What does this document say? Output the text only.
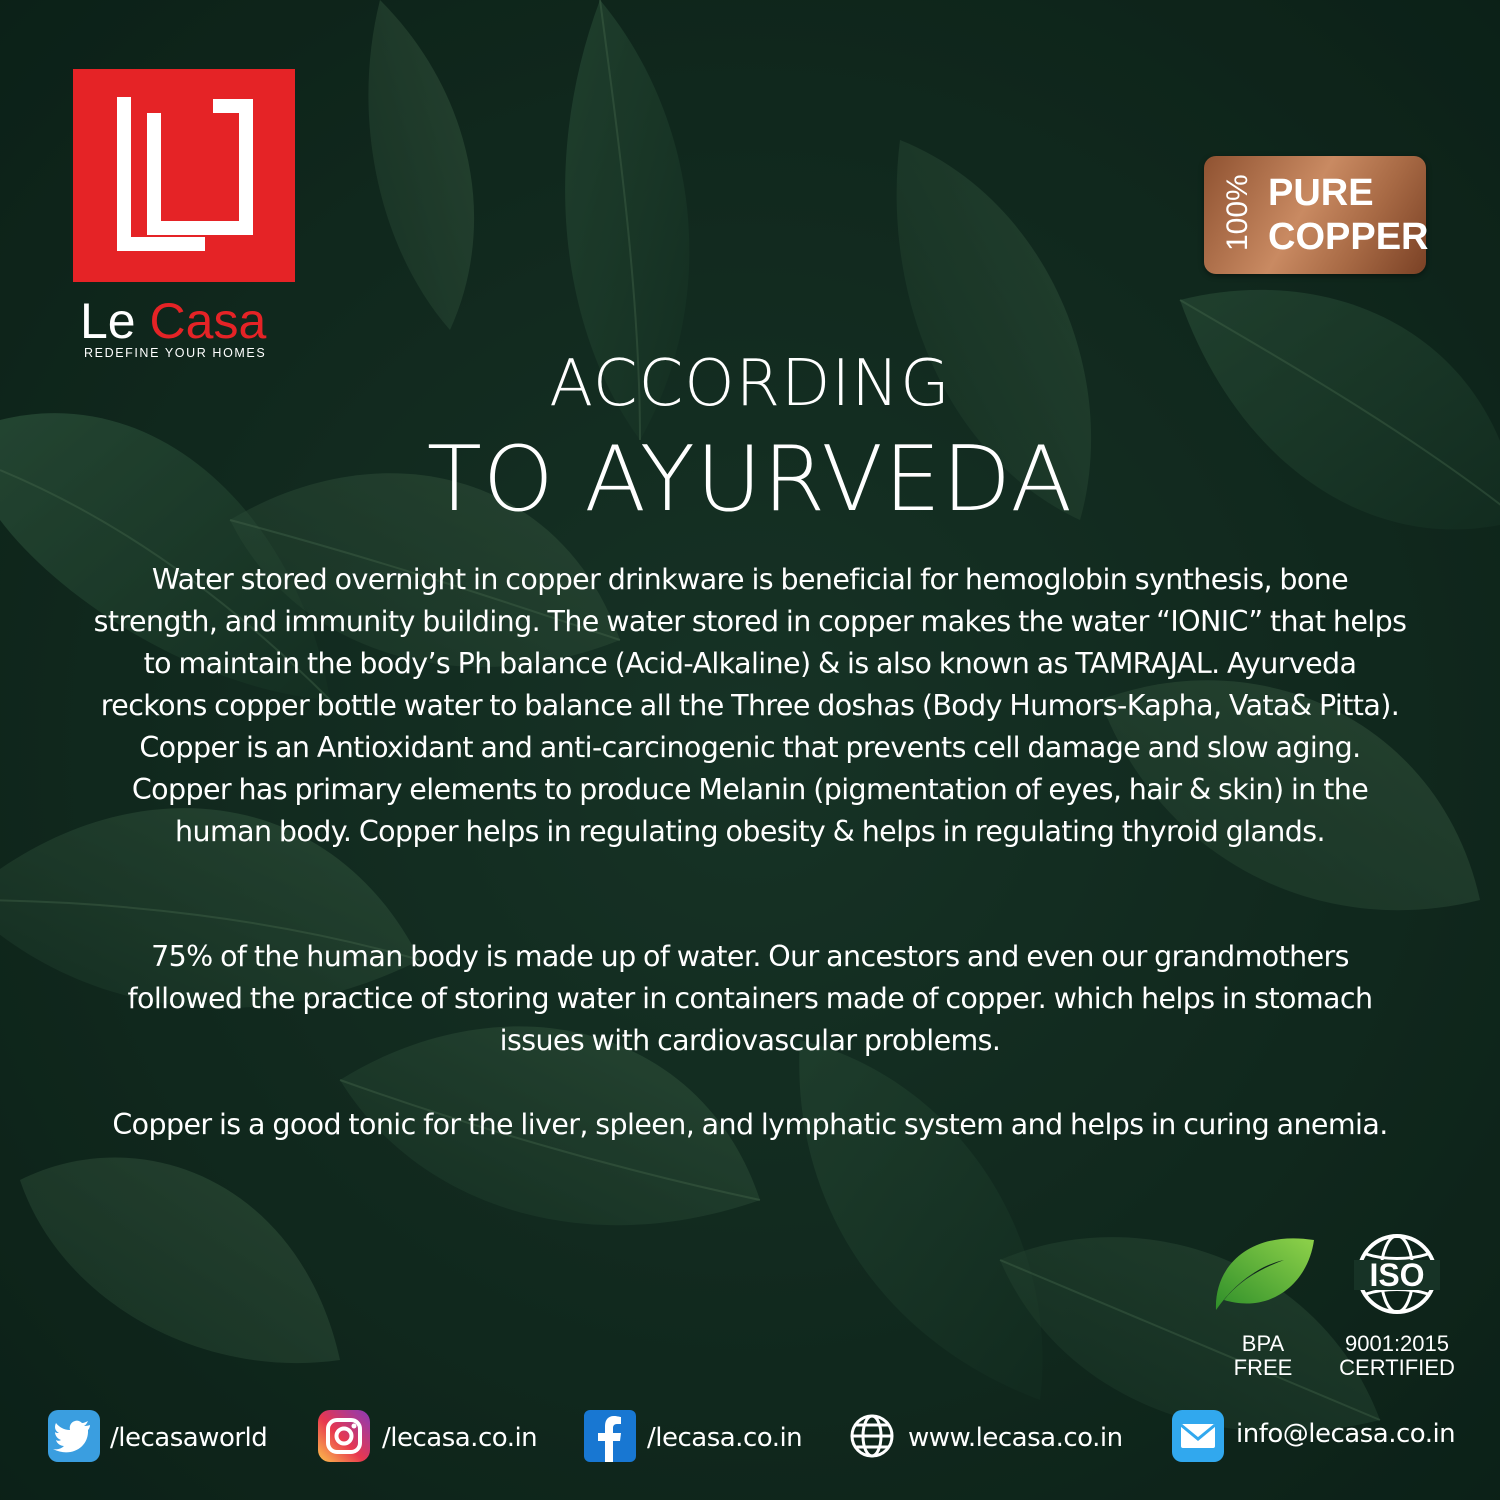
Le Casa
REDEFINE YOUR HOMES
100% PURE
COPPER
ACCORDING
TO AYURVEDA
Water stored overnight in copper drinkware is beneficial for hemoglobin synthesis, bone strength, and immunity building. The water stored in copper makes the water “IONIC” that helps to maintain the body’s Ph balance (Acid-Alkaline) & is also known as TAMRAJAL. Ayurveda reckons copper bottle water to balance all the Three doshas (Body Humors-Kapha, Vata& Pitta). Copper is an Antioxidant and anti-carcinogenic that prevents cell damage and slow aging. Copper has primary elements to produce Melanin (pigmentation of eyes, hair & skin) in the human body. Copper helps in regulating obesity & helps in regulating thyroid glands.
75% of the human body is made up of water. Our ancestors and even our grandmothers followed the practice of storing water in containers made of copper. which helps in stomach issues with cardiovascular problems.
Copper is a good tonic for the liver, spleen, and lymphatic system and helps in curing anemia.
BPA
FREE
ISO
9001:2015
CERTIFIED
/lecasaworld	/lecasa.co.in	/lecasa.co.in	www.lecasa.co.in	info@lecasa.co.in
